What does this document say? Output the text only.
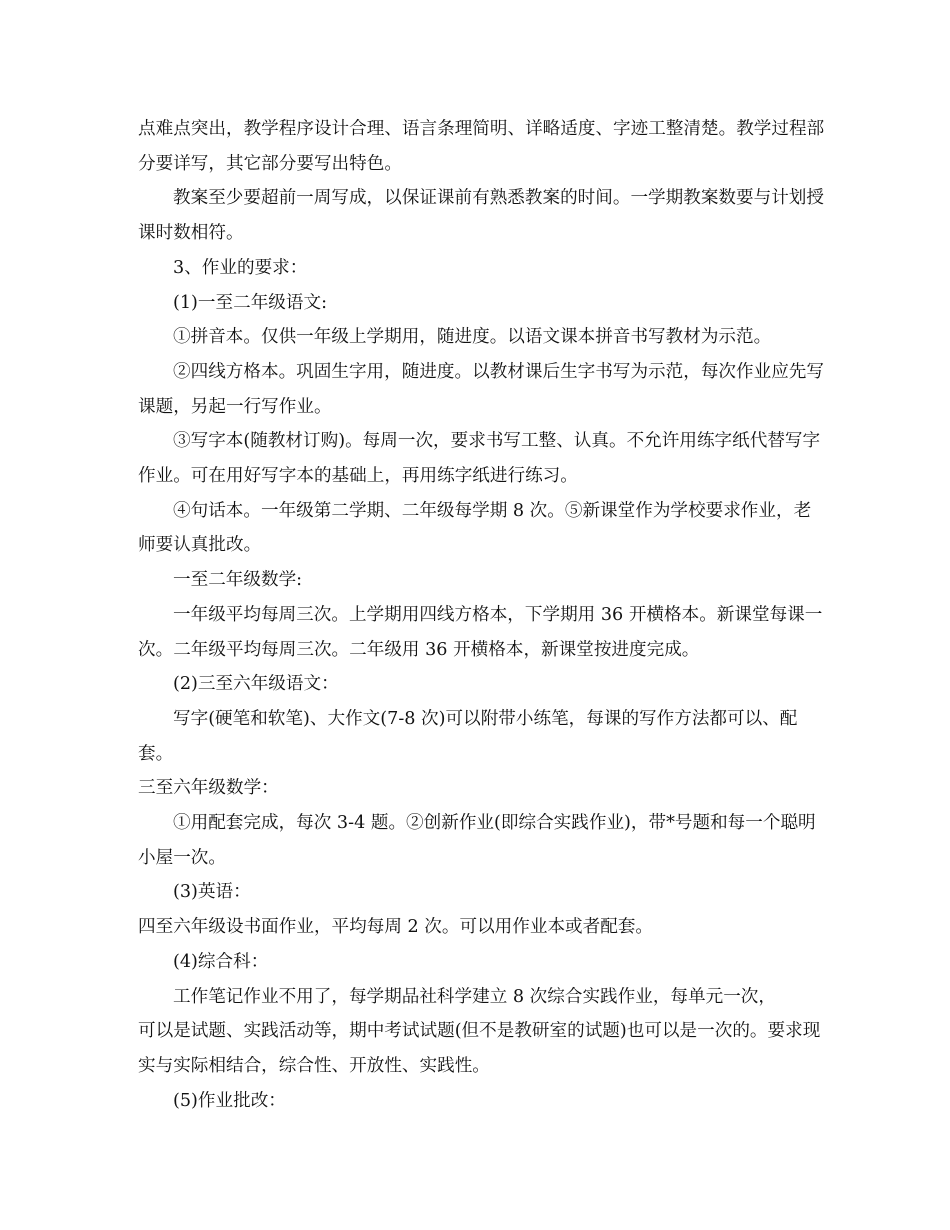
点难点突出，教学程序设计合理、语言条理简明、详略适度、字迹工整清楚。教学过程部分要详写，其它部分要写出特色。

教案至少要超前一周写成，以保证课前有熟悉教案的时间。一学期教案数要与计划授课时数相符。

3、作业的要求：

(1)一至二年级语文:

①拼音本。仅供一年级上学期用，随进度。以语文课本拼音书写教材为示范。

②四线方格本。巩固生字用，随进度。以教材课后生字书写为示范，每次作业应先写课题，另起一行写作业。

③写字本(随教材订购)。每周一次，要求书写工整、认真。不允许用练字纸代替写字作业。可在用好写字本的基础上，再用练字纸进行练习。

④句话本。一年级第二学期、二年级每学期 8 次。⑤新课堂作为学校要求作业，老师要认真批改。

一至二年级数学:

一年级平均每周三次。上学期用四线方格本，下学期用 36 开横格本。新课堂每课一次。二年级平均每周三次。二年级用 36 开横格本，新课堂按进度完成。

(2)三至六年级语文：

写字(硬笔和软笔)、大作文(7-8 次)可以附带小练笔，每课的写作方法都可以、配套。

三至六年级数学：

①用配套完成，每次 3-4 题。②创新作业(即综合实践作业)，带*号题和每一个聪明小屋一次。

(3)英语：

四至六年级设书面作业，平均每周 2 次。可以用作业本或者配套。

(4)综合科：

工作笔记作业不用了，每学期品社科学建立 8 次综合实践作业，每单元一次，

可以是试题、实践活动等，期中考试试题(但不是教研室的试题)也可以是一次的。要求现实与实际相结合，综合性、开放性、实践性。

(5)作业批改：
